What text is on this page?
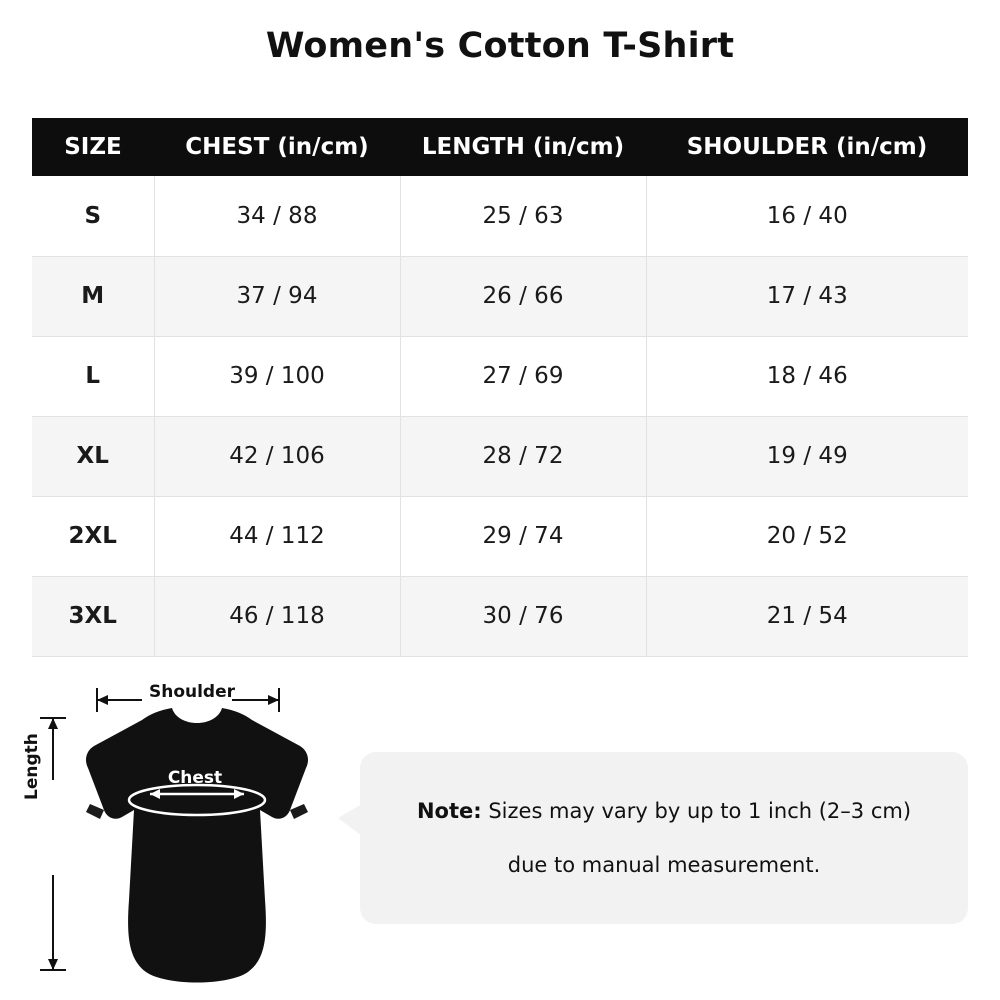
Women's Cotton T-Shirt
SIZE	CHEST (in/cm)	LENGTH (in/cm)	SHOULDER (in/cm)
S	34 / 88	25 / 63	16 / 40
M	37 / 94	26 / 66	17 / 43
L	39 / 100	27 / 69	18 / 46
XL	42 / 106	28 / 72	19 / 49
2XL	44 / 112	29 / 74	20 / 52
3XL	46 / 118	30 / 76	21 / 54
Shoulder
Length	Chest
Note: Sizes may vary by up to 1 inch (2–3 cm)
due to manual measurement.
